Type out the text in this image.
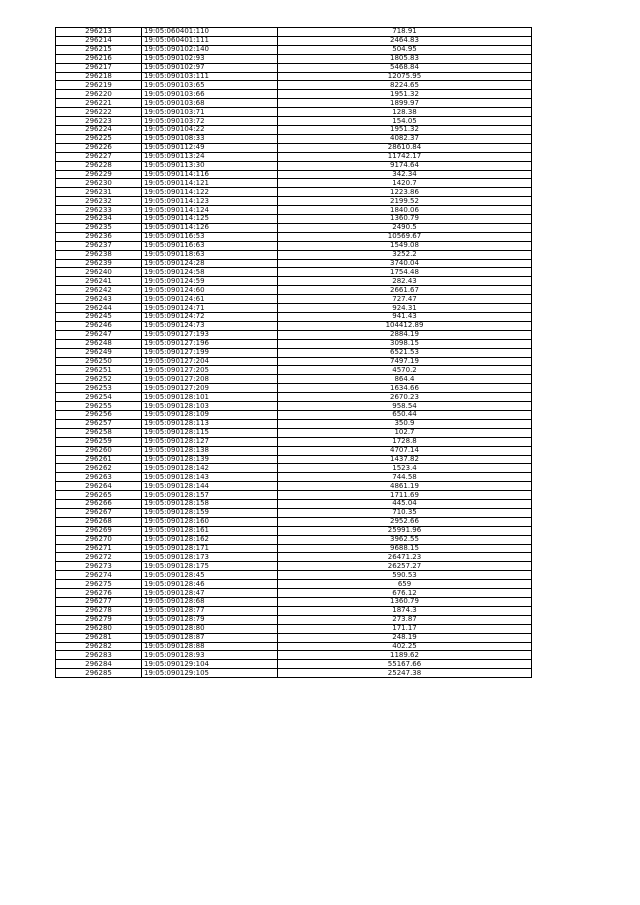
296213	19:05:060401:110	718.91
296214	19:05:060401:111	2464.83
296215	19:05:090102:140	504.95
296216	19:05:090102:93	1805.83
296217	19:05:090102:97	5468.84
296218	19:05:090103:111	12075.95
296219	19:05:090103:65	8224.65
296220	19:05:090103:66	1951.32
296221	19:05:090103:68	1899.97
296222	19:05:090103:71	128.38
296223	19:05:090103:72	154.05
296224	19:05:090104:22	1951.32
296225	19:05:090108:33	4082.37
296226	19:05:090112:49	28610.84
296227	19:05:090113:24	11742.17
296228	19:05:090113:30	9174.64
296229	19:05:090114:116	342.34
296230	19:05:090114:121	1420.7
296231	19:05:090114:122	1223.86
296232	19:05:090114:123	2199.52
296233	19:05:090114:124	1840.06
296234	19:05:090114:125	1360.79
296235	19:05:090114:126	2490.5
296236	19:05:090116:53	10569.67
296237	19:05:090116:63	1549.08
296238	19:05:090118:63	3252.2
296239	19:05:090124:28	3740.04
296240	19:05:090124:58	1754.48
296241	19:05:090124:59	282.43
296242	19:05:090124:60	2661.67
296243	19:05:090124:61	727.47
296244	19:05:090124:71	924.31
296245	19:05:090124:72	941.43
296246	19:05:090124:73	104412.89
296247	19:05:090127:193	2884.19
296248	19:05:090127:196	3098.15
296249	19:05:090127:199	6521.53
296250	19:05:090127:204	7497.19
296251	19:05:090127:205	4570.2
296252	19:05:090127:208	864.4
296253	19:05:090127:209	1634.66
296254	19:05:090128:101	2670.23
296255	19:05:090128:103	958.54
296256	19:05:090128:109	650.44
296257	19:05:090128:113	350.9
296258	19:05:090128:115	102.7
296259	19:05:090128:127	1728.8
296260	19:05:090128:138	4707.14
296261	19:05:090128:139	1437.82
296262	19:05:090128:142	1523.4
296263	19:05:090128:143	744.58
296264	19:05:090128:144	4861.19
296265	19:05:090128:157	1711.69
296266	19:05:090128:158	445.04
296267	19:05:090128:159	710.35
296268	19:05:090128:160	2952.66
296269	19:05:090128:161	25991.96
296270	19:05:090128:162	3962.55
296271	19:05:090128:171	9688.15
296272	19:05:090128:173	26471.23
296273	19:05:090128:175	26257.27
296274	19:05:090128:45	590.53
296275	19:05:090128:46	659
296276	19:05:090128:47	676.12
296277	19:05:090128:68	1360.79
296278	19:05:090128:77	1874.3
296279	19:05:090128:79	273.87
296280	19:05:090128:80	171.17
296281	19:05:090128:87	248.19
296282	19:05:090128:88	402.25
296283	19:05:090128:93	1189.62
296284	19:05:090129:104	55167.66
296285	19:05:090129:105	25247.38
